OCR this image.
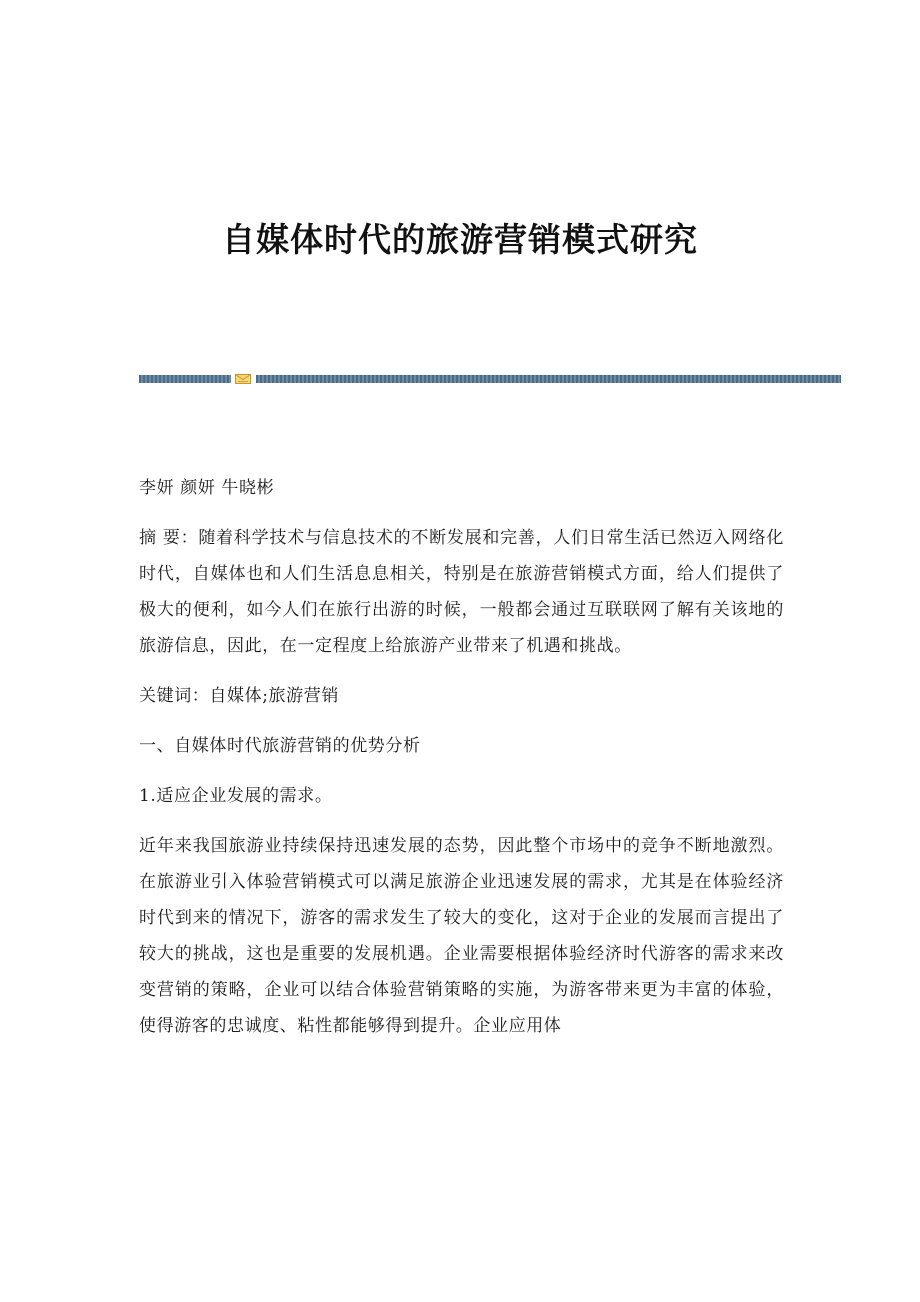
自媒体时代的旅游营销模式研究

李妍 颜妍 牛晓彬

摘 要：随着科学技术与信息技术的不断发展和完善，人们日常生活已然迈入网络化时代，自媒体也和人们生活息息相关，特别是在旅游营销模式方面，给人们提供了极大的便利，如今人们在旅行出游的时候，一般都会通过互联联网了解有关该地的旅游信息，因此，在一定程度上给旅游产业带来了机遇和挑战。

关键词：自媒体;旅游营销

一、自媒体时代旅游营销的优势分析

1.适应企业发展的需求。

近年来我国旅游业持续保持迅速发展的态势，因此整个市场中的竞争不断地激烈。在旅游业引入体验营销模式可以满足旅游企业迅速发展的需求，尤其是在体验经济时代到来的情况下，游客的需求发生了较大的变化，这对于企业的发展而言提出了较大的挑战，这也是重要的发展机遇。企业需要根据体验经济时代游客的需求来改变营销的策略，企业可以结合体验营销策略的实施，为游客带来更为丰富的体验，使得游客的忠诚度、粘性都能够得到提升。企业应用体
